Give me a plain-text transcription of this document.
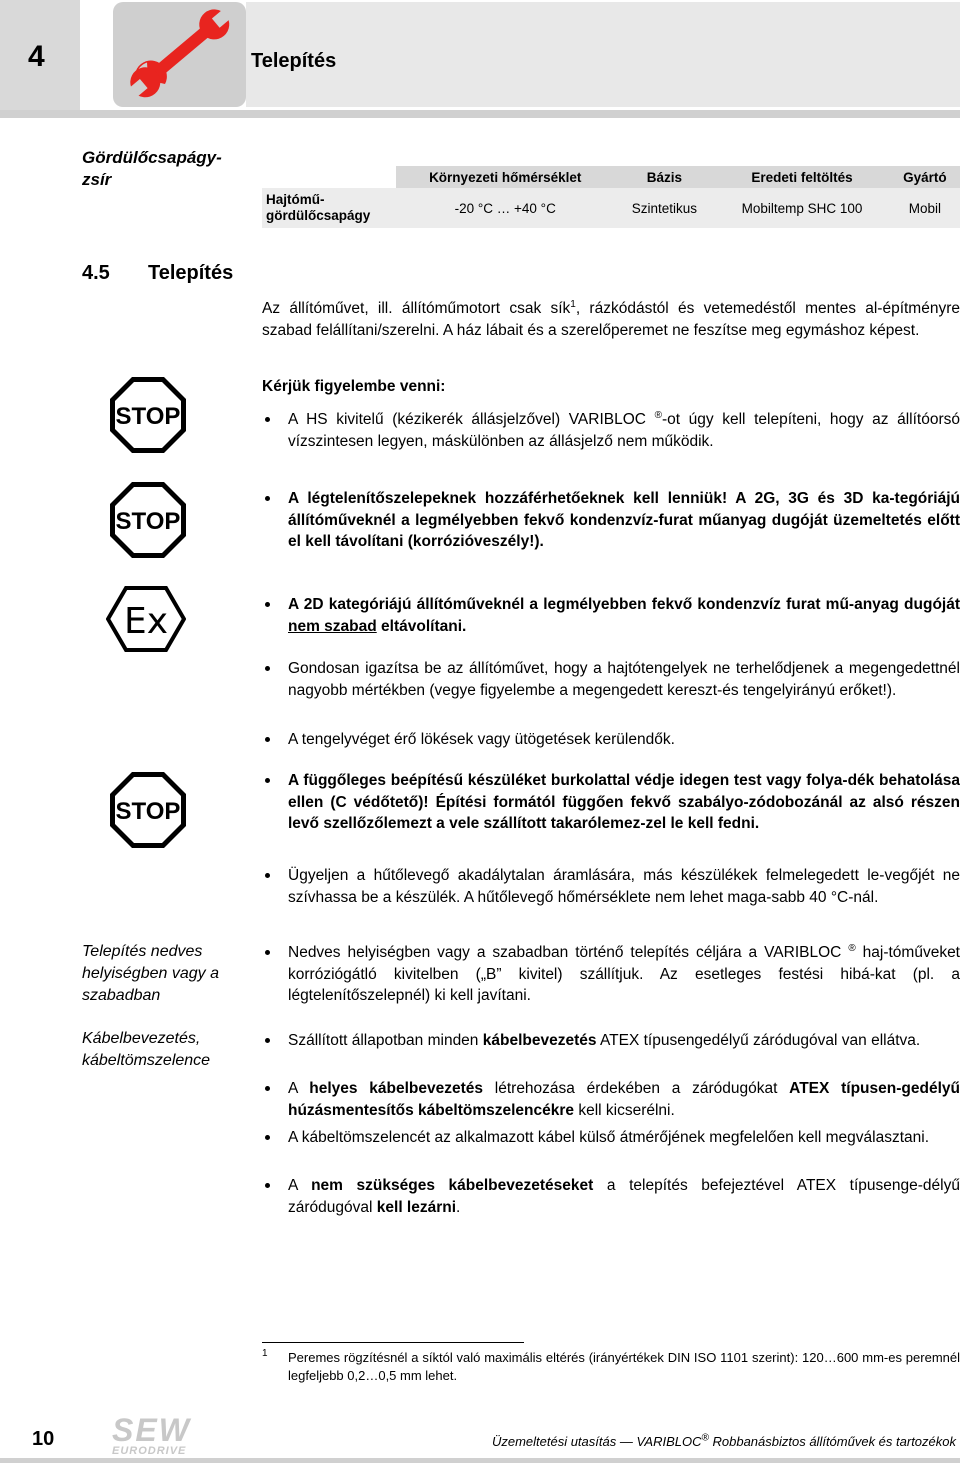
4	Telepítés
Gördülőcsapágy-zsír
		Környezeti hőmérséklet	Bázis	Eredeti feltöltés	Gyártó
Hajtómű-gördülőcsapágy	-20 °C … +40 °C	Szintetikus	Mobiltemp SHC 100	Mobil
4.5 Telepítés
Az állítóművet, ill. állítóműmotort csak sík$^1$, rázkódástól és vetemedéstől mentes al-építményre szabad felállítani/szerelni. A ház lábait és a szerelőperemet ne feszítse meg egymáshoz képest.
Kérjük figyelembe venni:
STOP
STOP
Ex
STOP
A HS kivitelű (kézikerék állásjelzővel) VARIBLOC ®-ot úgy kell telepíteni, hogy az állítóorsó vízszintesen legyen, máskülönben az állásjelző nem működik.
A légtelenítőszelepeknek hozzáférhetőeknek kell lenniük! A 2G, 3G és 3D ka-tegóriájú állítóműveknél a legmélyebben fekvő kondenzvíz-furat műanyag dugóját üzemeltetés előtt el kell távolítani (korrózióveszély!).
A 2D kategóriájú állítóműveknél a legmélyebben fekvő kondenzvíz furat mű-anyag dugóját nem szabad eltávolítani.
Gondosan igazítsa be az állítóművet, hogy a hajtótengelyek ne terhelődjenek a megengedettnél nagyobb mértékben (vegye figyelembe a megengedett kereszt-és tengelyirányú erőket!).
A tengelyvéget érő lökések vagy ütögetések kerülendők.
A függőleges beépítésű készüléket burkolattal védje idegen test vagy folya-dék behatolása ellen (C védőtető)! Építési formától függően fekvő szabályo-zódobozánál az alsó részen levő szellőzőlemezt a vele szállított takarólemez-zel le kell fedni.
Ügyeljen a hűtőlevegő akadálytalan áramlására, más készülékek felmelegedett le-vegőjét ne szívhassa be a készülék. A hűtőlevegő hőmérséklete nem lehet maga-sabb 40 °C-nál.
Nedves helyiségben vagy a szabadban történő telepítés céljára a VARIBLOC ® haj-tóműveket korróziógátló kivitelben („B” kivitel) szállítjuk. Az esetleges festési hibá-kat (pl. a légtelenítőszelepnél) ki kell javítani.
Szállított állapotban minden kábelbevezetés ATEX típusengedélyű záródugóval van ellátva.
A helyes kábelbevezetés létrehozása érdekében a záródugókat ATEX típusen-gedélyű húzásmentesítős kábeltömszelencékre kell kicserélni.
A kábeltömszelencét az alkalmazott kábel külső átmérőjének megfelelően kell megválasztani.
A nem szükséges kábelbevezetéseket a telepítés befejeztével ATEX típusenge-délyű záródugóval kell lezárni.
Telepítés nedves helyiségben vagy a szabadban
Kábelbevezetés, kábeltömszelence
1 Peremes rögzítésnél a síktól való maximális eltérés (irányértékek DIN ISO 1101 szerint): 120…600 mm-es peremnél legfeljebb 0,2…0,5 mm lehet.
10 SEW
EURODRIVE
Üzemeltetési utasítás — VARIBLOC® Robbanásbiztos állítóművek és tartozékok
